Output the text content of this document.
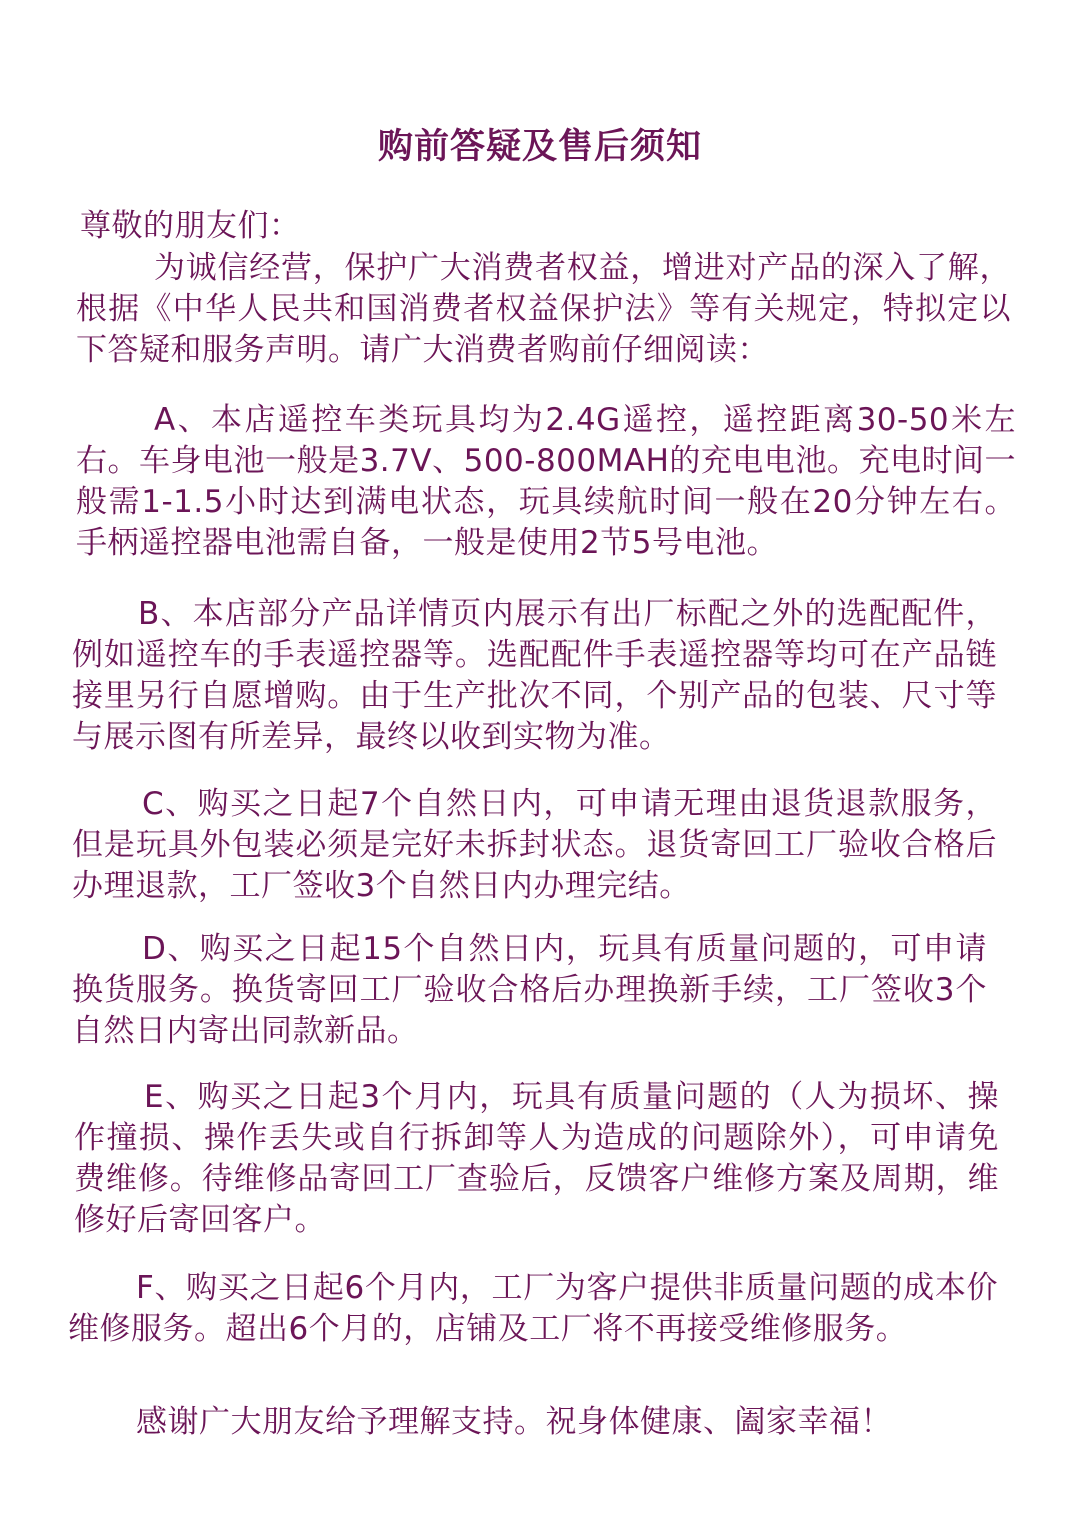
购前答疑及售后须知

尊敬的朋友们：

为诚信经营，保护广大消费者权益，增进对产品的深入了解，根据《中华人民共和国消费者权益保护法》等有关规定，特拟定以下答疑和服务声明。请广大消费者购前仔细阅读：

A、本店遥控车类玩具均为2.4G遥控，遥控距离30-50米左右。车身电池一般是3.7V、500-800MAH的充电电池。充电时间一般需1-1.5小时达到满电状态，玩具续航时间一般在20分钟左右。手柄遥控器电池需自备，一般是使用2节5号电池。

B、本店部分产品详情页内展示有出厂标配之外的选配配件，例如遥控车的手表遥控器等。选配配件手表遥控器等均可在产品链接里另行自愿增购。由于生产批次不同，个别产品的包装、尺寸等与展示图有所差异，最终以收到实物为准。

C、购买之日起7个自然日内，可申请无理由退货退款服务，但是玩具外包装必须是完好未拆封状态。退货寄回工厂验收合格后办理退款，工厂签收3个自然日内办理完结。

D、购买之日起15个自然日内，玩具有质量问题的，可申请换货服务。换货寄回工厂验收合格后办理换新手续，工厂签收3个自然日内寄出同款新品。

E、购买之日起3个月内，玩具有质量问题的（人为损坏、操作撞损、操作丢失或自行拆卸等人为造成的问题除外），可申请免费维修。待维修品寄回工厂查验后，反馈客户维修方案及周期，维修好后寄回客户。

F、购买之日起6个月内，工厂为客户提供非质量问题的成本价维修服务。超出6个月的，店铺及工厂将不再接受维修服务。

感谢广大朋友给予理解支持。祝身体健康、阖家幸福！
